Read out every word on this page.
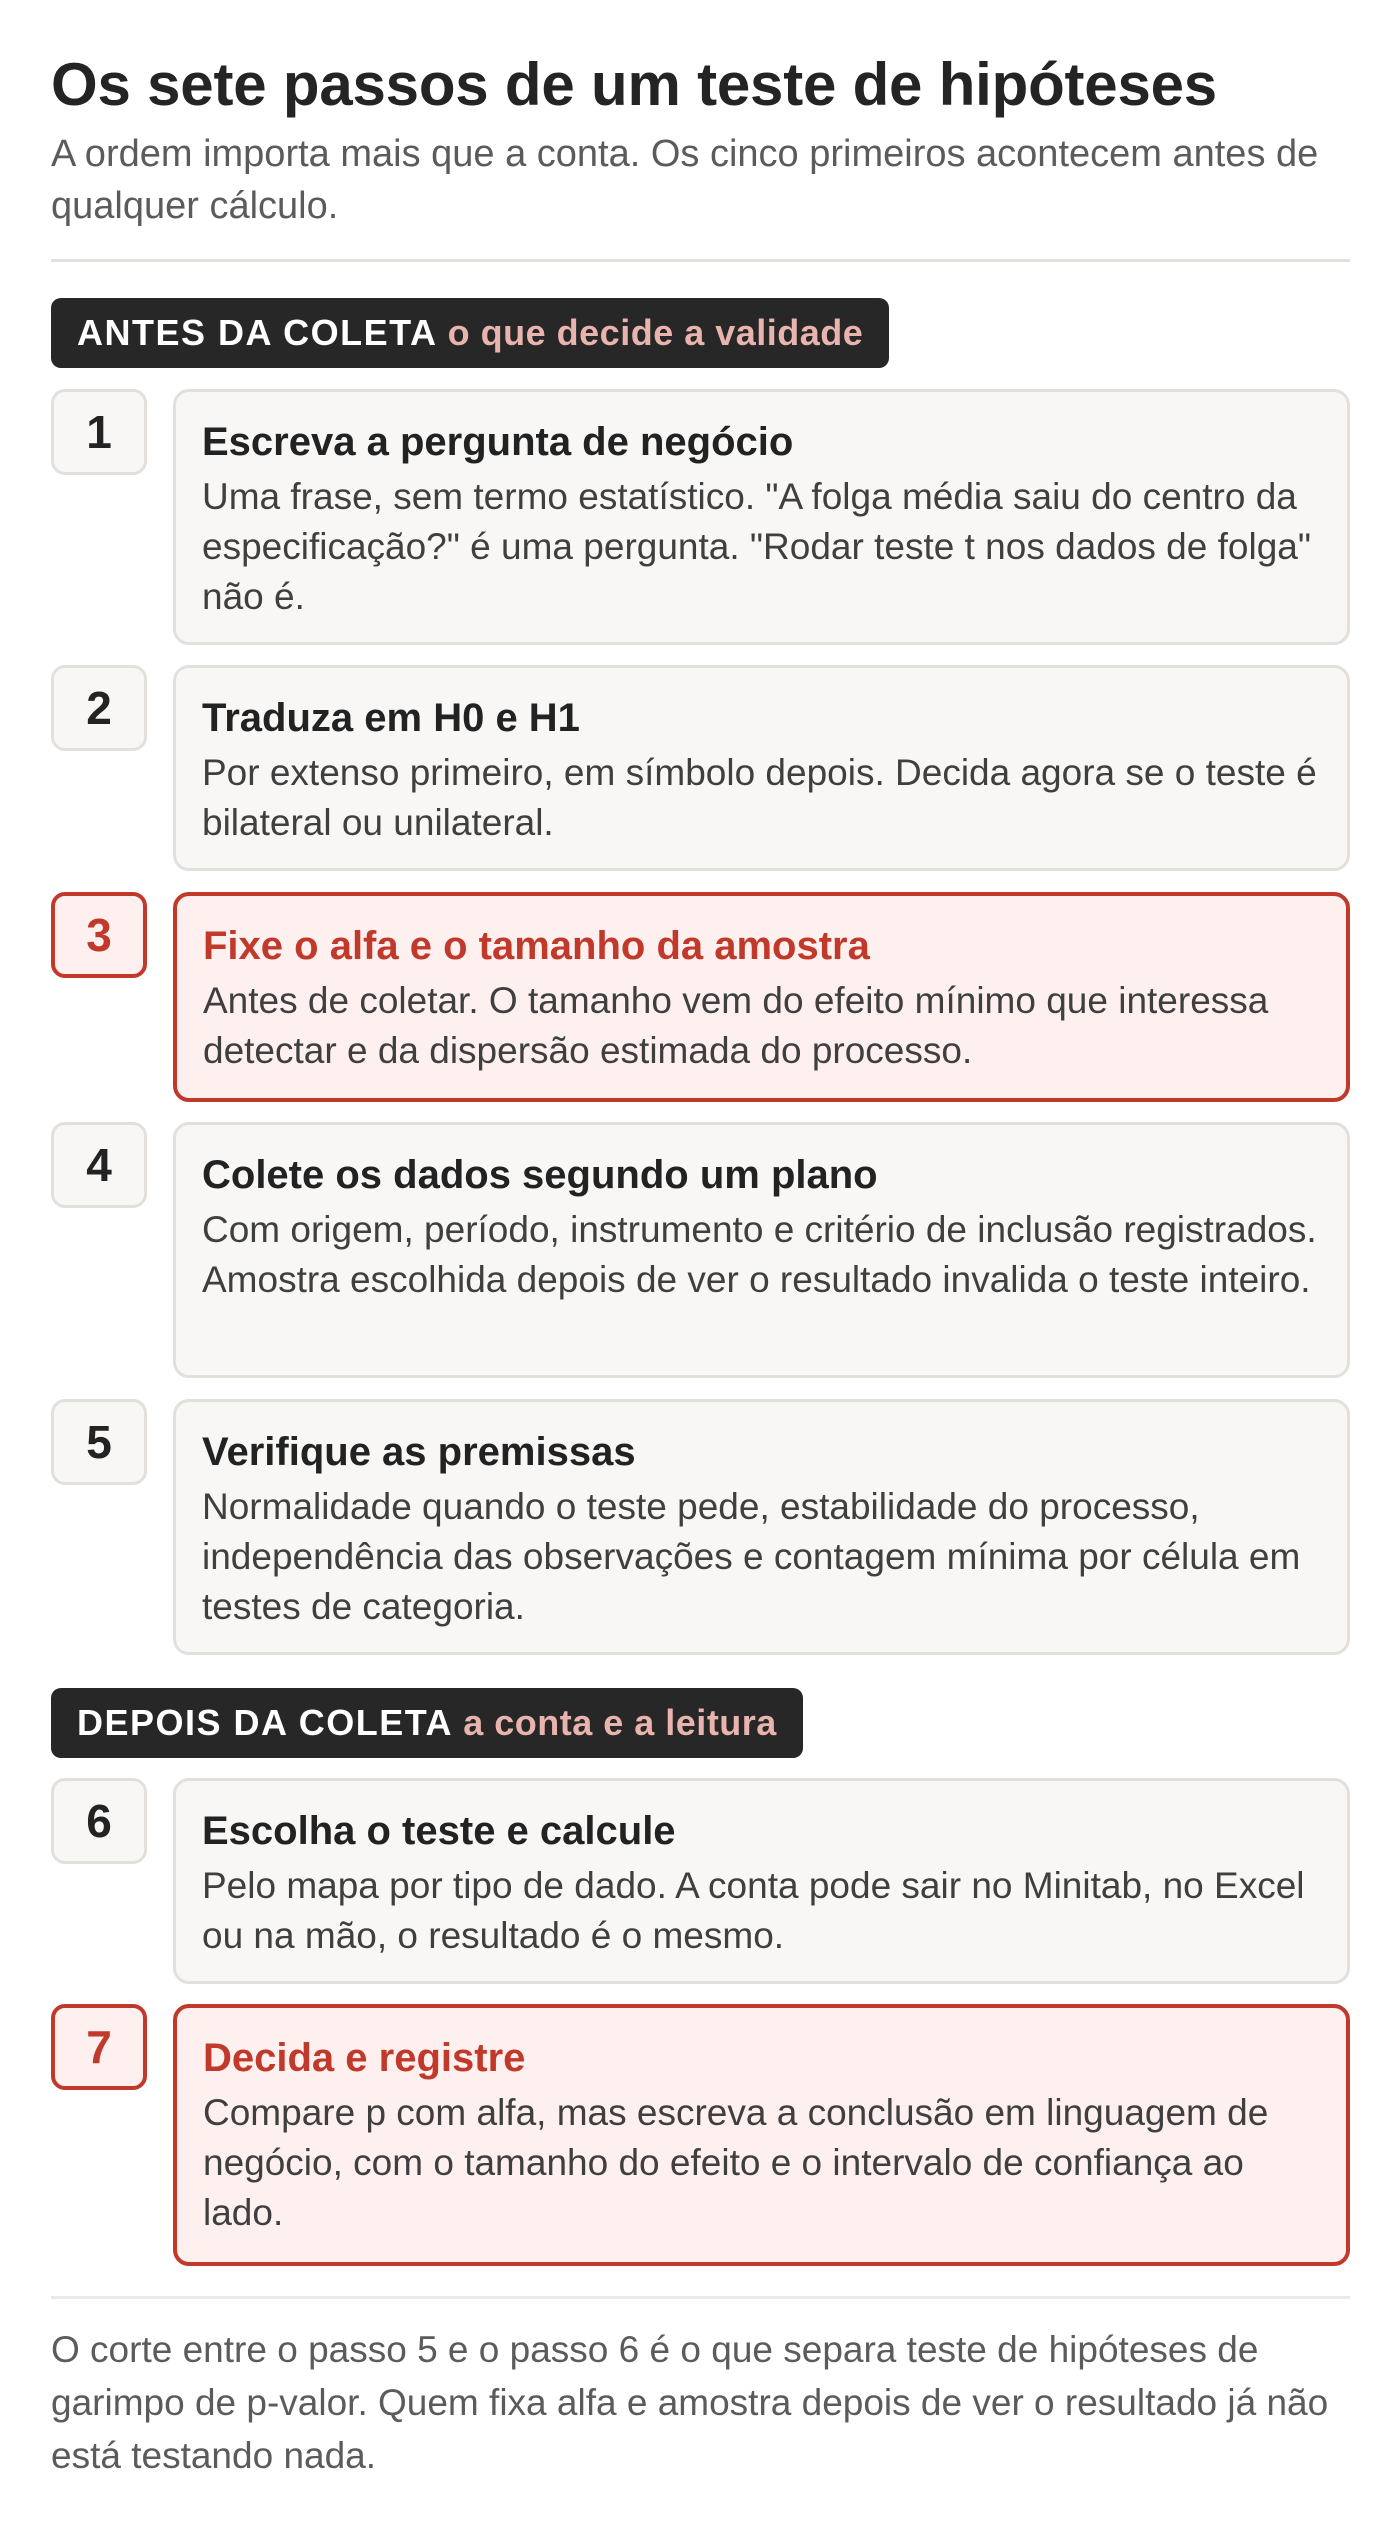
Os sete passos de um teste de hipóteses

A ordem importa mais que a conta. Os cinco primeiros acontecem antes de qualquer cálculo.

ANTES DA COLETA o que decide a validade
1	Escreva a pergunta de negócio
Uma frase, sem termo estatístico. "A folga média saiu do centro da especificação?" é uma pergunta. "Rodar teste t nos dados de folga" não é.
2	Traduza em H0 e H1
Por extenso primeiro, em símbolo depois. Decida agora se o teste é bilateral ou unilateral.
3	Fixe o alfa e o tamanho da amostra
Antes de coletar. O tamanho vem do efeito mínimo que interessa detectar e da dispersão estimada do processo.
4	Colete os dados segundo um plano
Com origem, período, instrumento e critério de inclusão registrados. Amostra escolhida depois de ver o resultado invalida o teste inteiro.
5	Verifique as premissas
Normalidade quando o teste pede, estabilidade do processo, independência das observações e contagem mínima por célula em testes de categoria.
DEPOIS DA COLETA a conta e a leitura
6	Escolha o teste e calcule
Pelo mapa por tipo de dado. A conta pode sair no Minitab, no Excel ou na mão, o resultado é o mesmo.
7	Decida e registre
Compare p com alfa, mas escreva a conclusão em linguagem de negócio, com o tamanho do efeito e o intervalo de confiança ao lado.
O corte entre o passo 5 e o passo 6 é o que separa teste de hipóteses de garimpo de p-valor. Quem fixa alfa e amostra depois de ver o resultado já não está testando nada.
